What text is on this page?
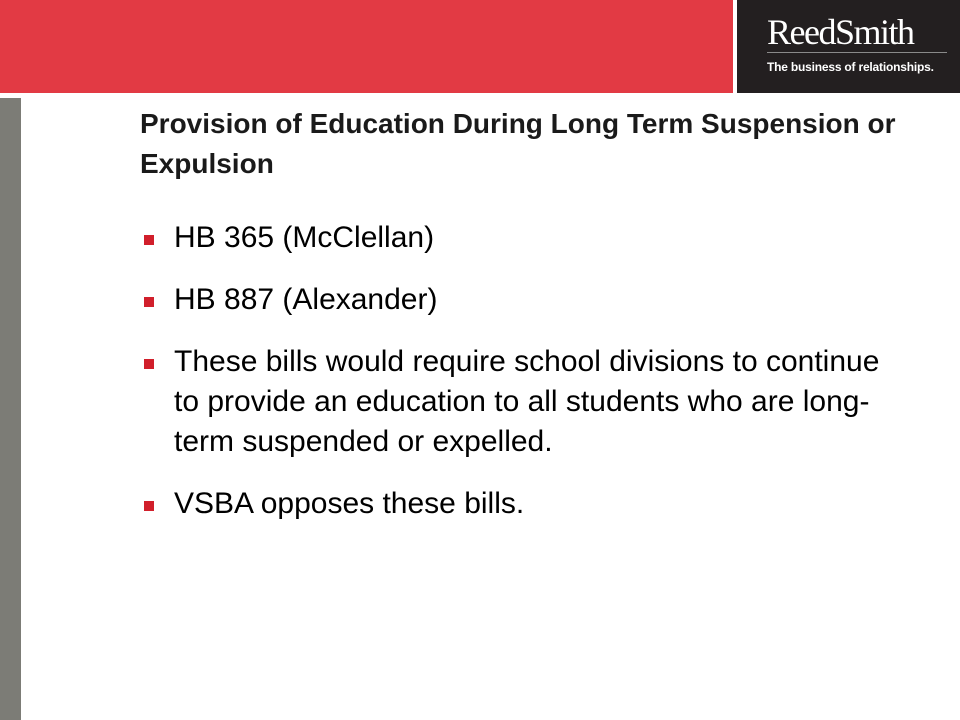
ReedSmith
The business of relationships.
Provision of Education During Long Term Suspension or Expulsion
HB 365 (McClellan)
HB 887 (Alexander)
These bills would require school divisions to continue to provide an education to all students who are long-term suspended or expelled.
VSBA opposes these bills.
